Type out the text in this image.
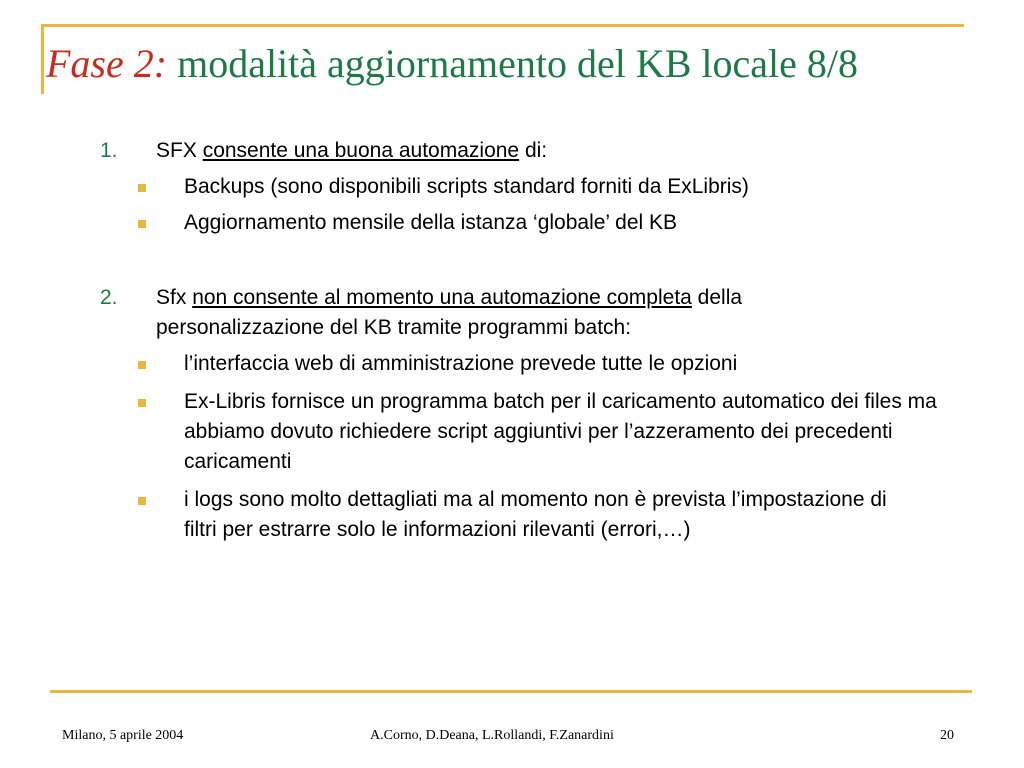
Fase 2: modalità aggiornamento del KB locale 8/8
1.	SFX consente una buona automazione di:
Backups (sono disponibili scripts standard forniti da ExLibris)
Aggiornamento mensile della istanza ‘globale’ del KB
2.	Sfx non consente al momento una automazione completa della personalizzazione del KB tramite programmi batch:
l’interfaccia web di amministrazione prevede tutte le opzioni
Ex-Libris fornisce un programma batch per il caricamento automatico dei files ma abbiamo dovuto richiedere script aggiuntivi per l’azzeramento dei precedenti caricamenti
i logs sono molto dettagliati ma al momento non è prevista l’impostazione di filtri per estrarre solo le informazioni rilevanti (errori,…)
Milano, 5 aprile 2004	A.Corno, D.Deana, L.Rollandi, F.Zanardini	20
